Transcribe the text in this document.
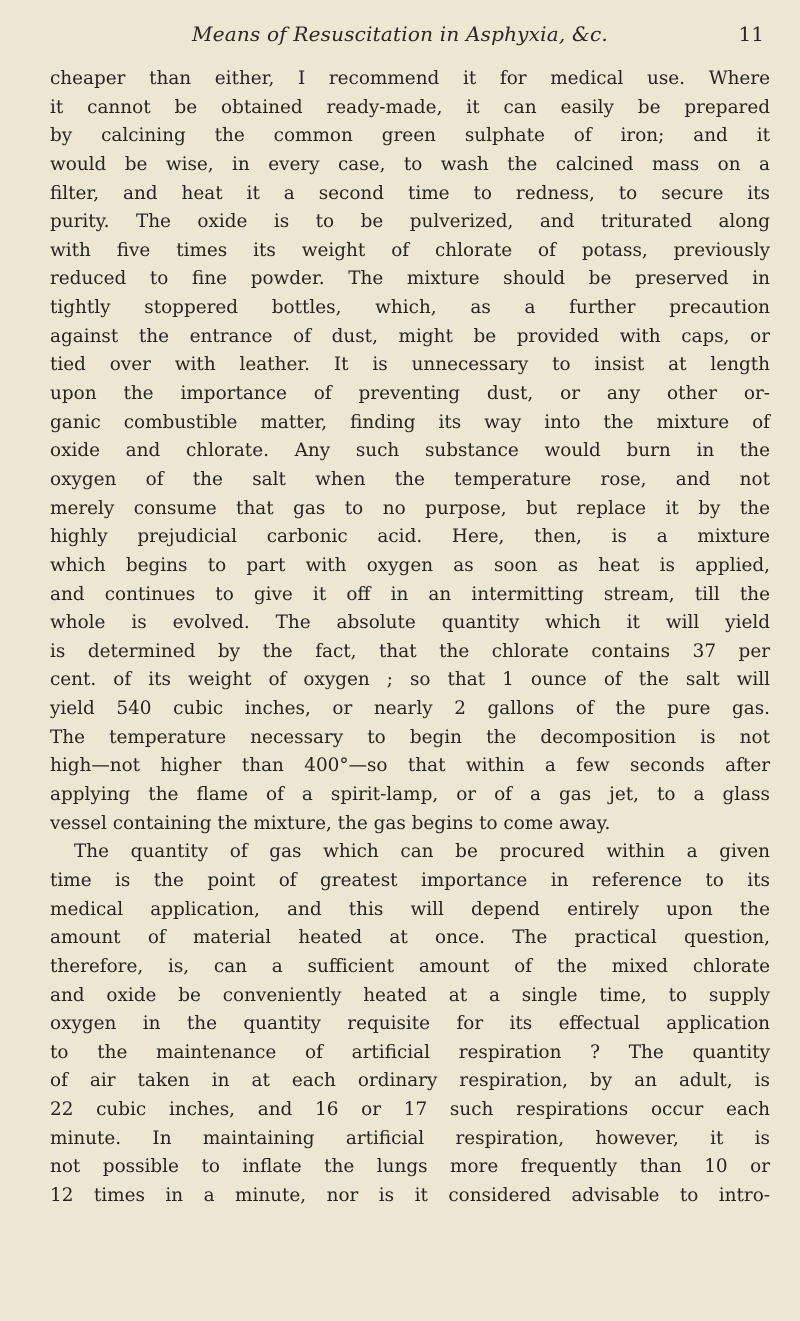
Means of Resuscitation in Asphyxia, &c.	11
cheaper than either, I recommend it for medical use. Where
it cannot be obtained ready-made, it can easily be prepared
by calcining the common green sulphate of iron; and it
would be wise, in every case, to wash the calcined mass on a
filter, and heat it a second time to redness, to secure its
purity. The oxide is to be pulverized, and triturated along
with five times its weight of chlorate of potass, previously
reduced to fine powder. The mixture should be preserved in
tightly stoppered bottles, which, as a further precaution
against the entrance of dust, might be provided with caps, or
tied over with leather. It is unnecessary to insist at length
upon the importance of preventing dust, or any other or-
ganic combustible matter, finding its way into the mixture of
oxide and chlorate. Any such substance would burn in the
oxygen of the salt when the temperature rose, and not
merely consume that gas to no purpose, but replace it by the
highly prejudicial carbonic acid. Here, then, is a mixture
which begins to part with oxygen as soon as heat is applied,
and continues to give it off in an intermitting stream, till the
whole is evolved. The absolute quantity which it will yield
is determined by the fact, that the chlorate contains 37 per
cent. of its weight of oxygen ; so that 1 ounce of the salt will
yield 540 cubic inches, or nearly 2 gallons of the pure gas.
The temperature necessary to begin the decomposition is not
high—not higher than 400°—so that within a few seconds after
applying the flame of a spirit-lamp, or of a gas jet, to a glass
vessel containing the mixture, the gas begins to come away.
The quantity of gas which can be procured within a given
time is the point of greatest importance in reference to its
medical application, and this will depend entirely upon the
amount of material heated at once. The practical question,
therefore, is, can a sufficient amount of the mixed chlorate
and oxide be conveniently heated at a single time, to supply
oxygen in the quantity requisite for its effectual application
to the maintenance of artificial respiration ? The quantity
of air taken in at each ordinary respiration, by an adult, is
22 cubic inches, and 16 or 17 such respirations occur each
minute. In maintaining artificial respiration, however, it is
not possible to inflate the lungs more frequently than 10 or
12 times in a minute, nor is it considered advisable to intro-
